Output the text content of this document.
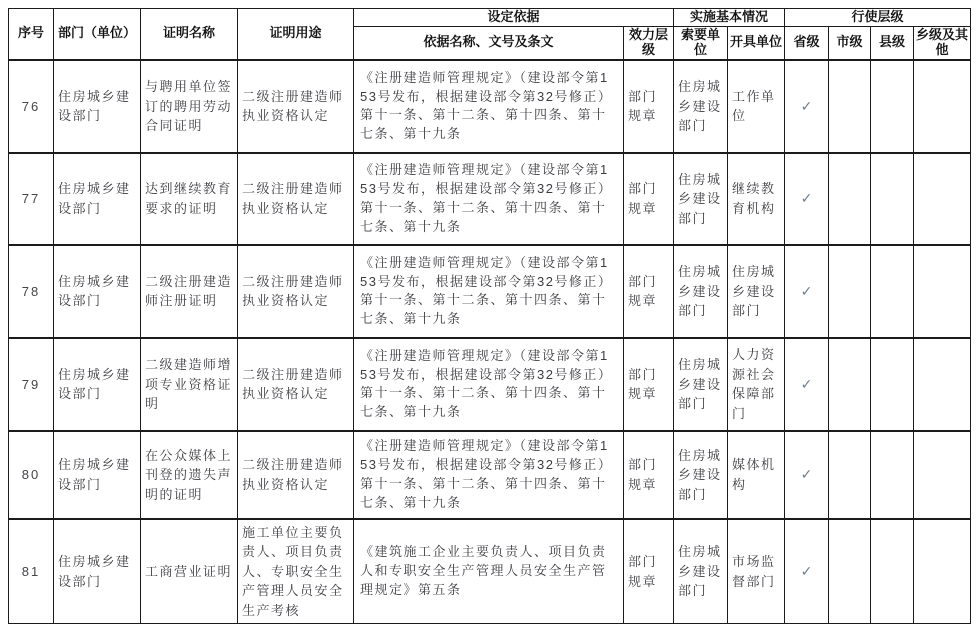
序号	部门（单位）	证明名称	证明用途	设定依据		实施基本情况		行使层级			
				依据名称、文号及条文	效力层级	索要单位	开具单位	省级	市级	县级	乡级及其他
76	住房城乡建设部门	与聘用单位签订的聘用劳动合同证明	二级注册建造师执业资格认定	《注册建造师管理规定》（建设部令第153号发布，根据建设部令第32号修正）第十一条、第十二条、第十四条、第十七条、第十九条	部门规章	住房城乡建设部门	工作单位	✓			
77	住房城乡建设部门	达到继续教育要求的证明	二级注册建造师执业资格认定	《注册建造师管理规定》（建设部令第153号发布，根据建设部令第32号修正）第十一条、第十二条、第十四条、第十七条、第十九条	部门规章	住房城乡建设部门	继续教育机构	✓			
78	住房城乡建设部门	二级注册建造师注册证明	二级注册建造师执业资格认定	《注册建造师管理规定》（建设部令第153号发布，根据建设部令第32号修正）第十一条、第十二条、第十四条、第十七条、第十九条	部门规章	住房城乡建设部门	住房城乡建设部门	✓			
79	住房城乡建设部门	二级建造师增项专业资格证明	二级注册建造师执业资格认定	《注册建造师管理规定》（建设部令第153号发布，根据建设部令第32号修正）第十一条、第十二条、第十四条、第十七条、第十九条	部门规章	住房城乡建设部门	人力资源社会保障部门	✓			
80	住房城乡建设部门	在公众媒体上刊登的遗失声明的证明	二级注册建造师执业资格认定	《注册建造师管理规定》（建设部令第153号发布，根据建设部令第32号修正）第十一条、第十二条、第十四条、第十七条、第十九条	部门规章	住房城乡建设部门	媒体机构	✓			
81	住房城乡建设部门	工商营业证明	施工单位主要负责人、项目负责人、专职安全生产管理人员安全生产考核	《建筑施工企业主要负责人、项目负责人和专职安全生产管理人员安全生产管理规定》第五条	部门规章	住房城乡建设部门	市场监督部门	✓			
